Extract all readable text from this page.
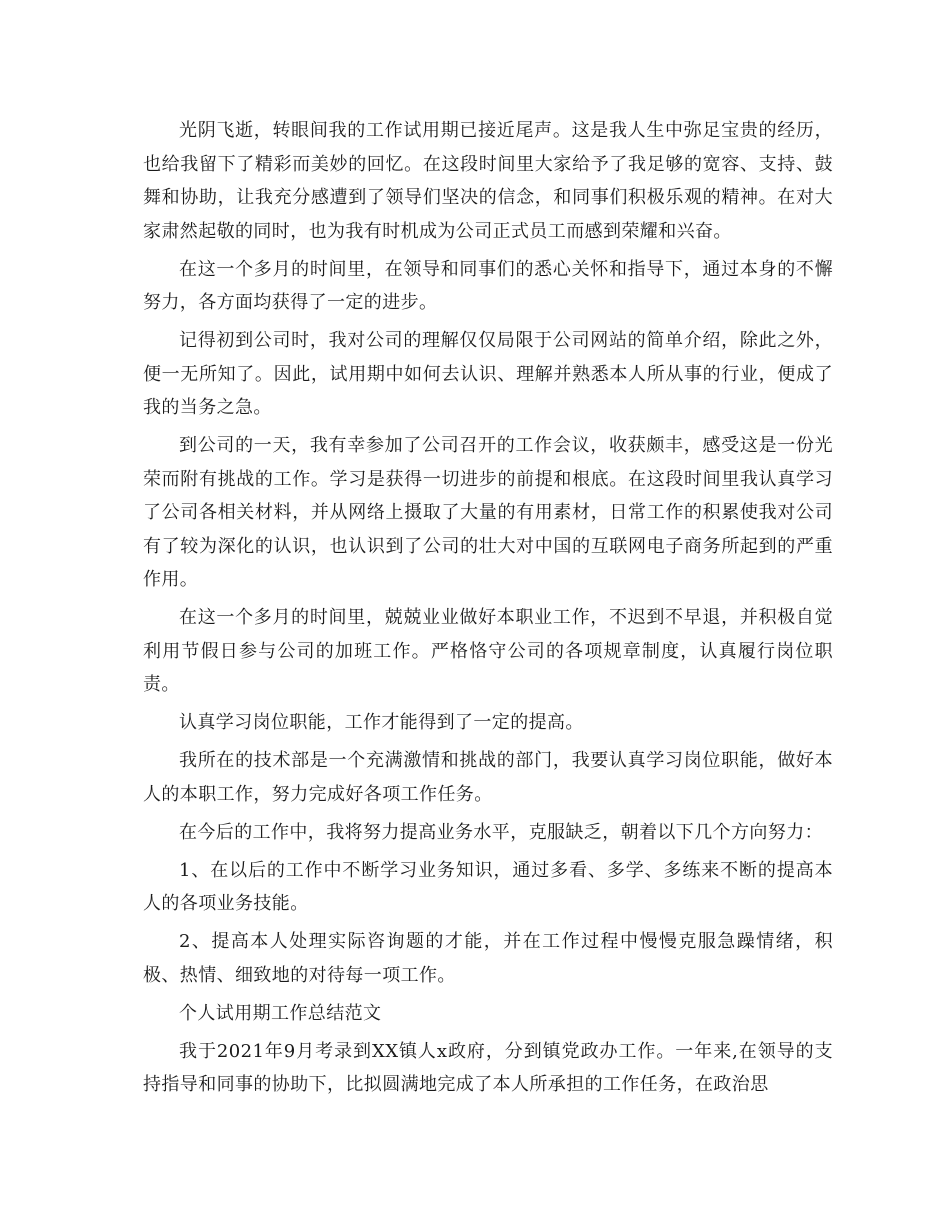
光阴飞逝，转眼间我的工作试用期已接近尾声。这是我人生中弥足宝贵的经历，也给我留下了精彩而美妙的回忆。在这段时间里大家给予了我足够的宽容、支持、鼓舞和协助，让我充分感遭到了领导们坚决的信念，和同事们积极乐观的精神。在对大家肃然起敬的同时，也为我有时机成为公司正式员工而感到荣耀和兴奋。

在这一个多月的时间里，在领导和同事们的悉心关怀和指导下，通过本身的不懈努力，各方面均获得了一定的进步。

记得初到公司时，我对公司的理解仅仅局限于公司网站的简单介绍，除此之外，便一无所知了。因此，试用期中如何去认识、理解并熟悉本人所从事的行业，便成了我的当务之急。

到公司的一天，我有幸参加了公司召开的工作会议，收获颇丰，感受这是一份光荣而附有挑战的工作。学习是获得一切进步的前提和根底。在这段时间里我认真学习了公司各相关材料，并从网络上摄取了大量的有用素材，日常工作的积累使我对公司有了较为深化的认识，也认识到了公司的壮大对中国的互联网电子商务所起到的严重作用。

在这一个多月的时间里，兢兢业业做好本职业工作，不迟到不早退，并积极自觉利用节假日参与公司的加班工作。严格恪守公司的各项规章制度，认真履行岗位职责。

认真学习岗位职能，工作才能得到了一定的提高。

我所在的技术部是一个充满激情和挑战的部门，我要认真学习岗位职能，做好本人的本职工作，努力完成好各项工作任务。

在今后的工作中，我将努力提高业务水平，克服缺乏，朝着以下几个方向努力：

1、在以后的工作中不断学习业务知识，通过多看、多学、多练来不断的提高本人的各项业务技能。

2、提高本人处理实际咨询题的才能，并在工作过程中慢慢克服急躁情绪，积极、热情、细致地的对待每一项工作。

个人试用期工作总结范文

我于2021年9月考录到XX镇人x政府，分到镇党政办工作。一年来,在领导的支持指导和同事的协助下，比拟圆满地完成了本人所承担的工作任务，在政治思
